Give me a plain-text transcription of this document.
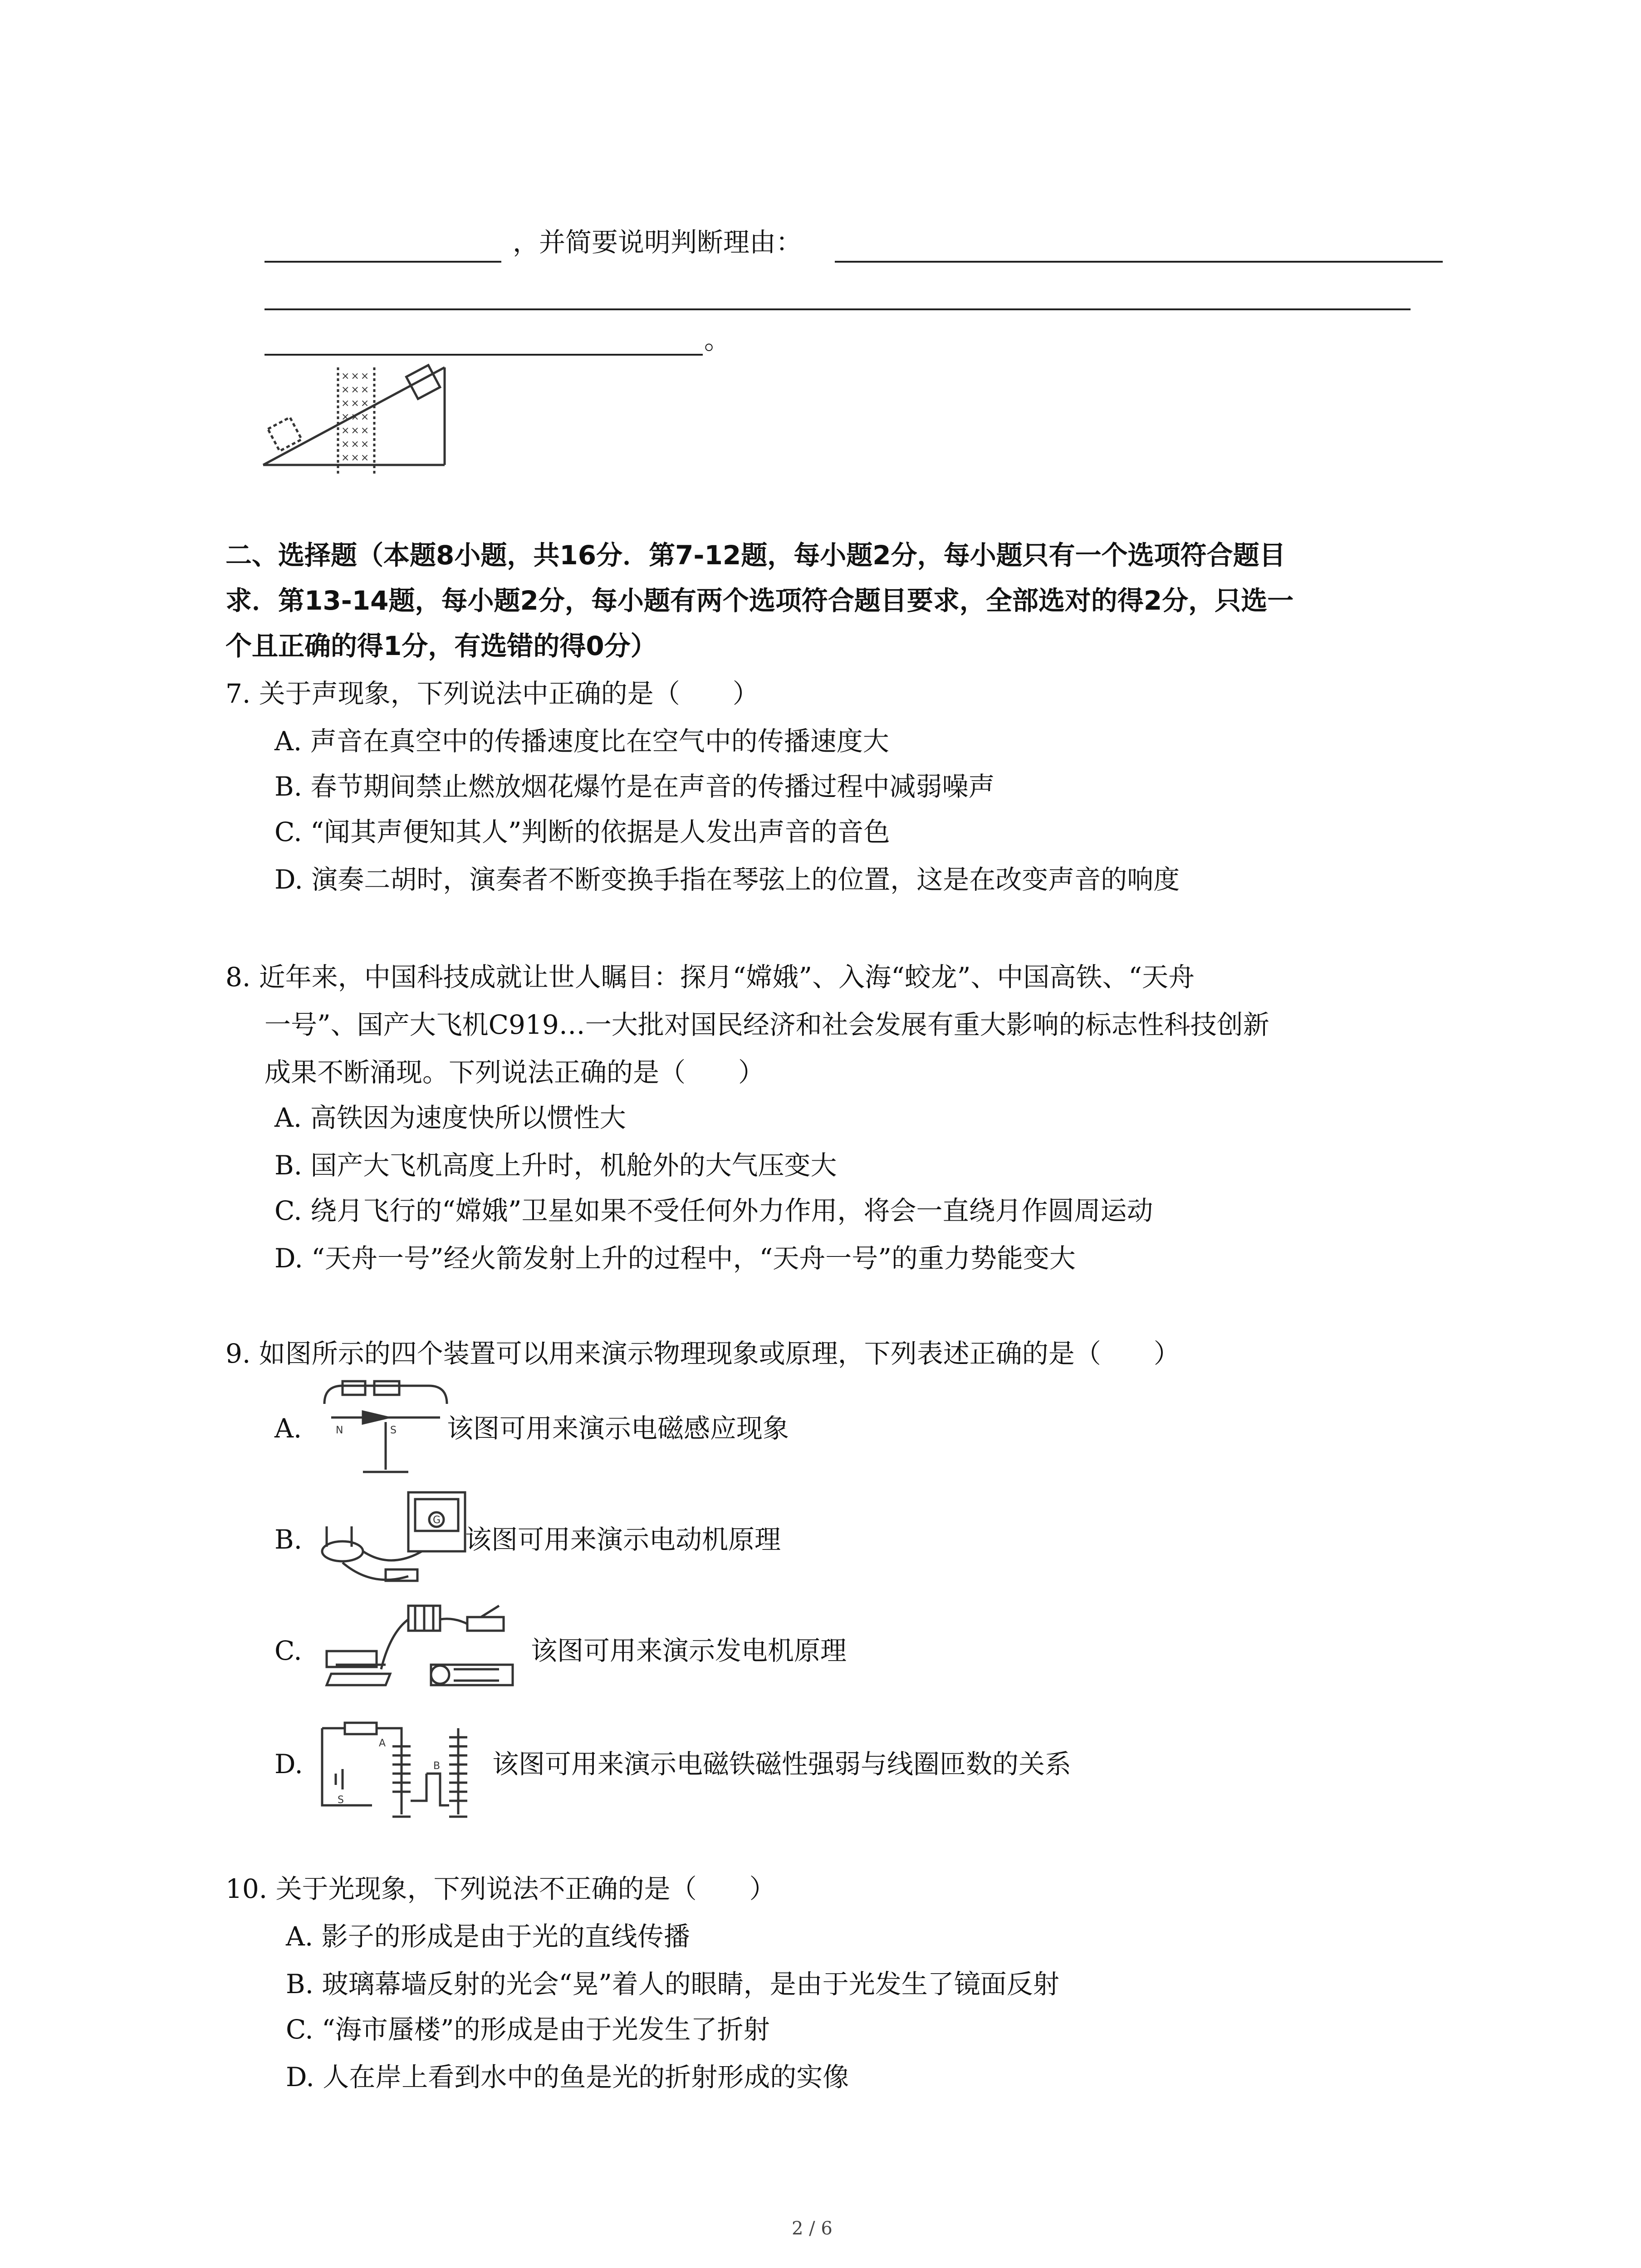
，并简要说明判断理由：
。
×××
×××
×××
×××
×××
×××
×××
二、选择题（本题8小题，共16分．第7-12题，每小题2分，每小题只有一个选项符合题目
求．第13-14题，每小题2分，每小题有两个选项符合题目要求，全部选对的得2分，只选一
个且正确的得1分，有选错的得0分）
7. 关于声现象，下列说法中正确的是（　　）
A. 声音在真空中的传播速度比在空气中的传播速度大
B. 春节期间禁止燃放烟花爆竹是在声音的传播过程中减弱噪声
C. “闻其声便知其人”判断的依据是人发出声音的音色
D. 演奏二胡时，演奏者不断变换手指在琴弦上的位置，这是在改变声音的响度
8. 近年来，中国科技成就让世人瞩目：探月“嫦娥”、入海“蛟龙”、中国高铁、“天舟
一号”、国产大飞机C919…一大批对国民经济和社会发展有重大影响的标志性科技创新
成果不断涌现。下列说法正确的是（　　）
A. 高铁因为速度快所以惯性大
B. 国产大飞机高度上升时，机舱外的大气压变大
C. 绕月飞行的“嫦娥”卫星如果不受任何外力作用，将会一直绕月作圆周运动
D. “天舟一号”经火箭发射上升的过程中，“天舟一号”的重力势能变大
9. 如图所示的四个装置可以用来演示物理现象或原理，下列表述正确的是（　　）
A.	N	S 该图可用来演示电磁感应现象
B.
G
该图可用来演示电动机原理
C.	该图可用来演示发电机原理
D.
S
A
B 该图可用来演示电磁铁磁性强弱与线圈匝数的关系
10. 关于光现象，下列说法不正确的是（　　）
A. 影子的形成是由于光的直线传播
B. 玻璃幕墙反射的光会“晃”着人的眼睛，是由于光发生了镜面反射
C. “海市蜃楼”的形成是由于光发生了折射
D. 人在岸上看到水中的鱼是光的折射形成的实像
2 / 6
